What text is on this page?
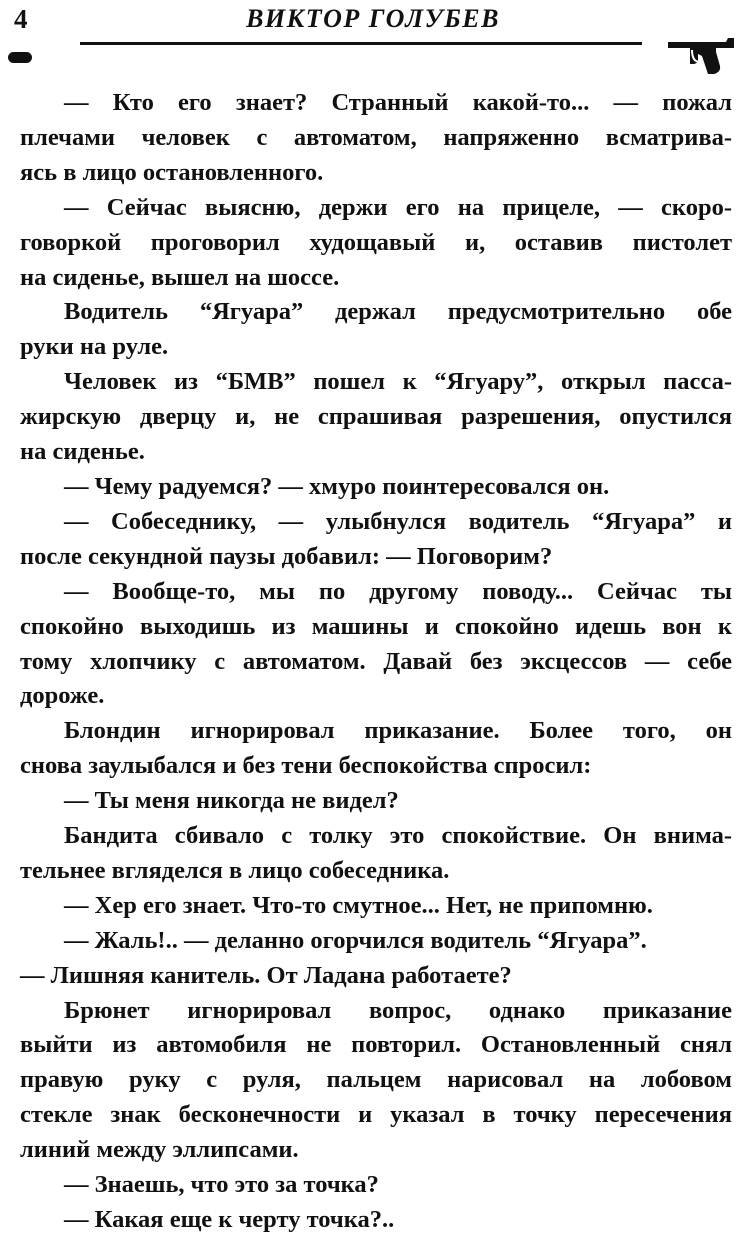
4	ВИКТОР ГОЛУБЕВ
— Кто его знает? Странный какой-то... — пожал
плечами человек с автоматом, напряженно всматрива-
ясь в лицо остановленного.
— Сейчас выясню, держи его на прицеле, — скоро-
говоркой проговорил худощавый и, оставив пистолет
на сиденье, вышел на шоссе.
Водитель “Ягуара” держал предусмотрительно обе
руки на руле.
Человек из “БМВ” пошел к “Ягуару”, открыл пасса-
жирскую дверцу и, не спрашивая разрешения, опустился
на сиденье.
— Чему радуемся? — хмуро поинтересовался он.
— Собеседнику, — улыбнулся водитель “Ягуара” и
после секундной паузы добавил: — Поговорим?
— Вообще-то, мы по другому поводу... Сейчас ты
спокойно выходишь из машины и спокойно идешь вон к
тому хлопчику с автоматом. Давай без эксцессов — себе
дороже.
Блондин игнорировал приказание. Более того, он
снова заулыбался и без тени беспокойства спросил:
— Ты меня никогда не видел?
Бандита сбивало с толку это спокойствие. Он внима-
тельнее вгляделся в лицо собеседника.
— Хер его знает. Что-то смутное... Нет, не припомню.
— Жаль!.. — деланно огорчился водитель “Ягуара”.
— Лишняя канитель. От Ладана работаете?
Брюнет игнорировал вопрос, однако приказание
выйти из автомобиля не повторил. Остановленный снял
правую руку с руля, пальцем нарисовал на лобовом
стекле знак бесконечности и указал в точку пересечения
линий между эллипсами.
— Знаешь, что это за точка?
— Какая еще к черту точка?..
